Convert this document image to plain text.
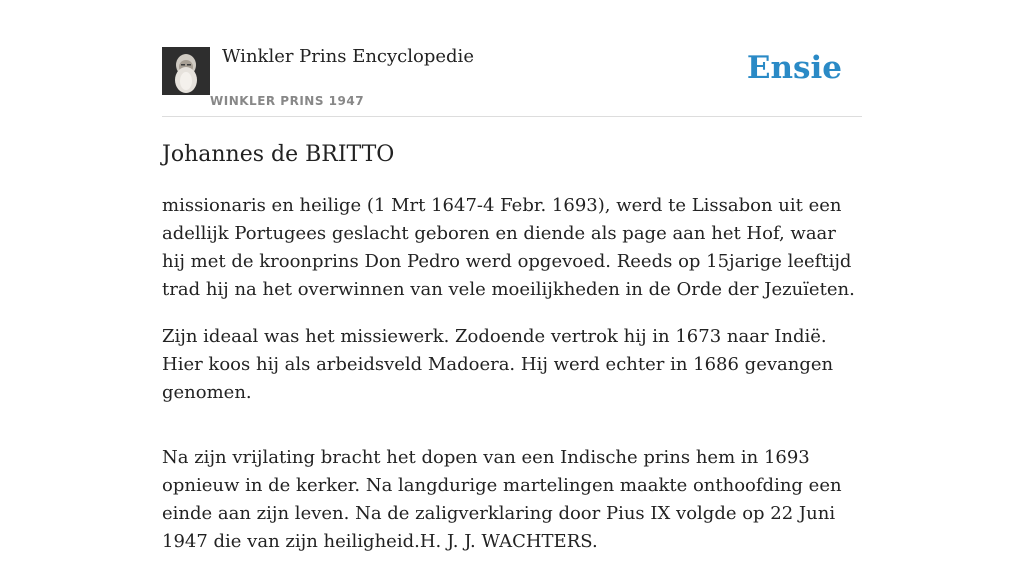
Winkler Prins Encyclopedie
WINKLER PRINS 1947
Ensie
Johannes de BRITTO

missionaris en heilige (1 Mrt 1647-4 Febr. 1693), werd te Lissabon uit een adellijk Portugees geslacht geboren en diende als page aan het Hof, waar hij met de kroonprins Don Pedro werd opgevoed. Reeds op 15jarige leeftijd trad hij na het overwinnen van vele moeilijkheden in de Orde der Jezuïeten.

Zijn ideaal was het missiewerk. Zodoende vertrok hij in 1673 naar Indië. Hier koos hij als arbeidsveld Madoera. Hij werd echter in 1686 gevangen genomen.

Na zijn vrijlating bracht het dopen van een Indische prins hem in 1693 opnieuw in de kerker. Na langdurige martelingen maakte onthoofding een einde aan zijn leven. Na de zaligverklaring door Pius IX volgde op 22 Juni 1947 die van zijn heiligheid.H. J. J. WACHTERS.
